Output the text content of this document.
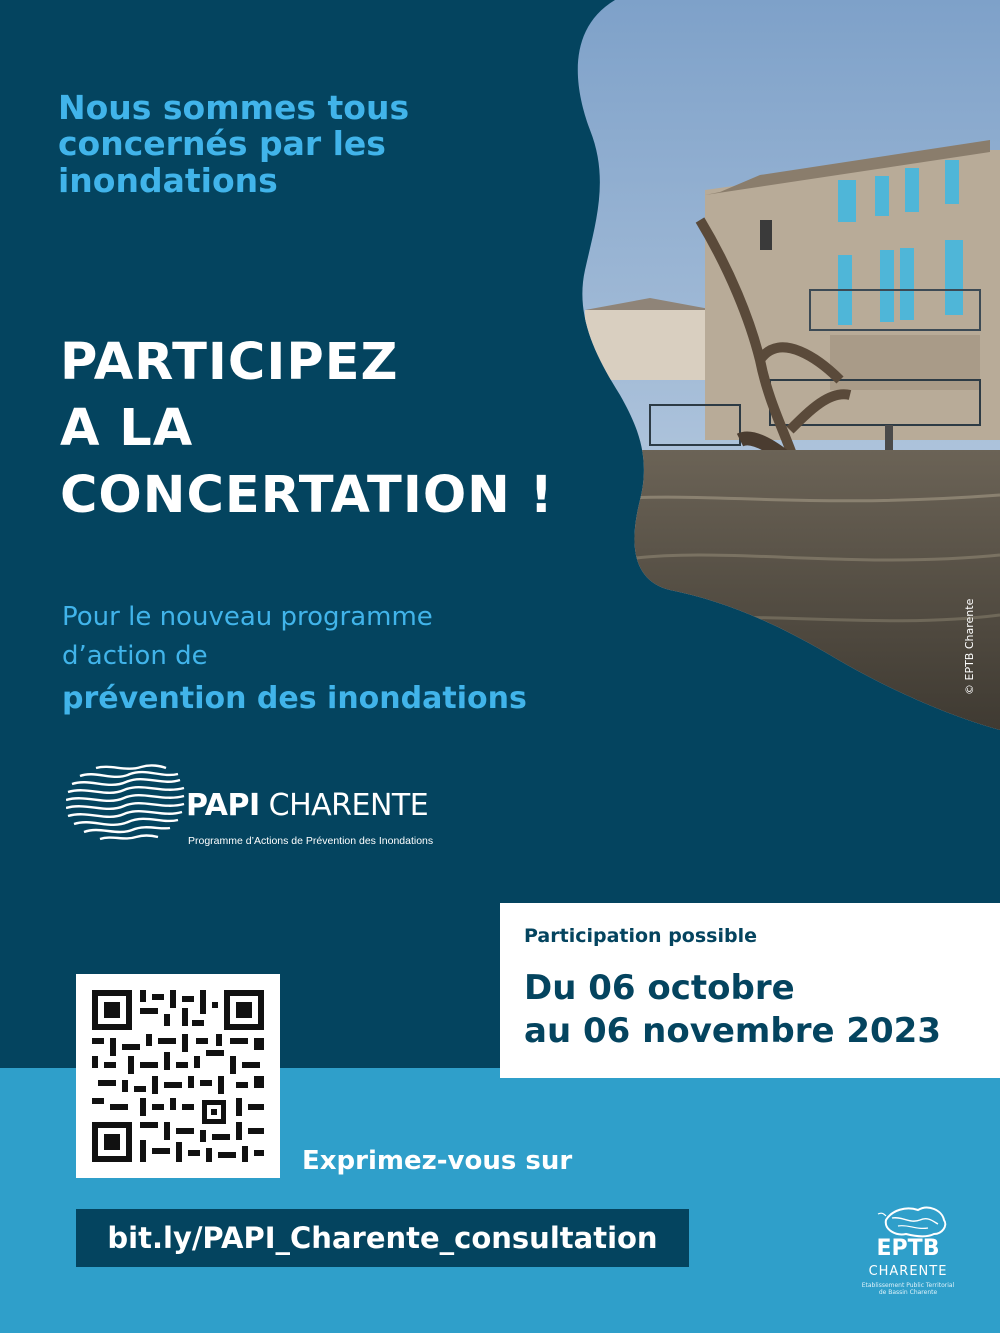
Nous sommes tous concernés par les inondations
PARTICIPEZ
A LA
CONCERTATION !
Pour le nouveau programme
d’action de
prévention des inondations
PAPI CHARENTE
Programme d’Actions de Prévention des Inondations
Participation possible
Du 06 octobre
au 06 novembre 2023
Exprimez-vous sur
bit.ly/PAPI_Charente_consultation	EPTB
CHARENTE
Etablissement Public Territorial
de Bassin Charente
© EPTB Charente
